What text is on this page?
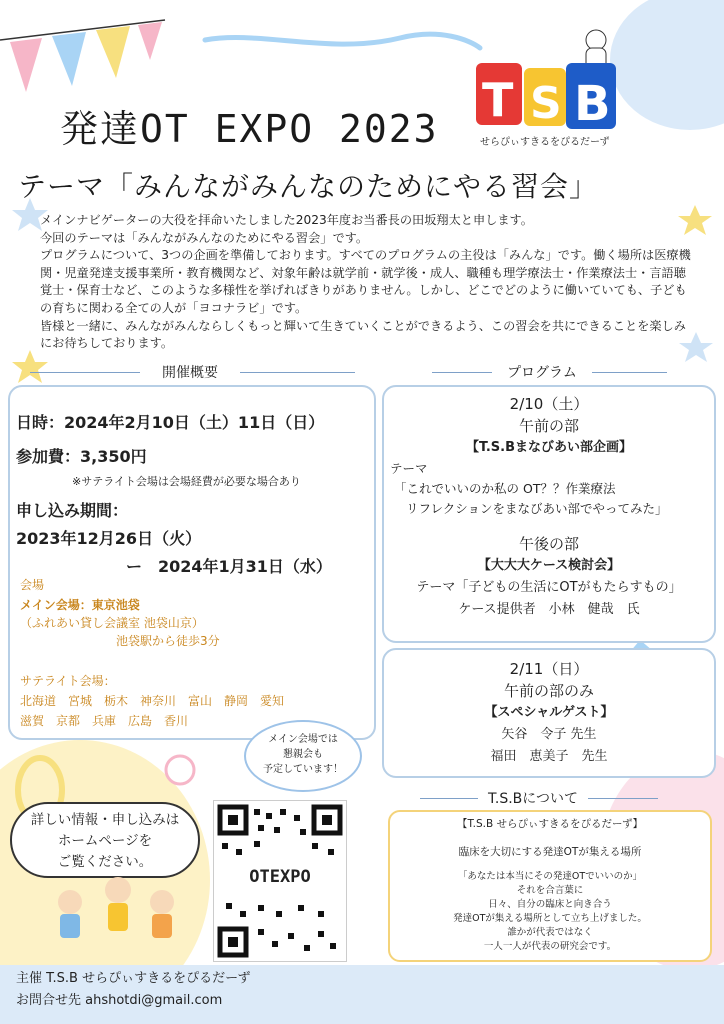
T S B
せらぴぃすきるをぴるだーず
発達OT EXPO 2023
テーマ「みんながみんなのためにやる習会」

メインナビゲーターの大役を拝命いたしました2023年度お当番長の田坂翔太と申します。

今回のテーマは「みんながみんなのためにやる習会」です。

プログラムについて、3つの企画を準備しております。すべてのプログラムの主役は「みんな」です。働く場所は医療機関・児童発達支援事業所・教育機関など、対象年齢は就学前・就学後・成人、職種も理学療法士・作業療法士・言語聴覚士・保育士など、このような多様性を挙げればきりがありません。しかし、どこでどのように働いていても、子どもの育ちに関わる全ての人が「ヨコナラビ」です。

皆様と一緒に、みんながみんならしくもっと輝いて生きていくことができるよう、この習会を共にできることを楽しみにお待ちしております。

開催概要
日時：2024年2月10日（土）11日（日）
参加費：3,350円
※サテライト会場は会場経費が必要な場合あり
申し込み期間：
2023年12月26日（火）
ー　2024年1月31日（水）
会場
メイン会場：東京池袋
（ふれあい貸し会議室 池袋山京）
池袋駅から徒歩3分
サテライト会場：
北海道　宮城　栃木　神奈川　富山　静岡　愛知
滋賀　京都　兵庫　広島　香川
メイン会場では
懇親会も
予定しています！
プログラム
2/10（土）
午前の部
【T.S.Bまなびあい部企画】
テーマ
「これでいいのか私の OT？？作業療法
リフレクションをまなびあい部でやってみた」
午後の部
【大大大ケース検討会】
テーマ「子どもの生活にOTがもたらすもの」
ケース提供者　小林　健哉　氏
2/11（日）
午前の部のみ
【スペシャルゲスト】
矢谷　令子 先生
福田　恵美子　先生
詳しい情報・申し込みは
ホームページを
ご覧ください。
OTEXPO
T.S.Bについて
【T.S.B せらぴぃすきるをぴるだーず】
臨床を大切にする発達OTが集える場所
「あなたは本当にその発達OTでいいのか」
それを合言葉に
日々、自分の臨床と向き合う
発達OTが集える場所として立ち上げました。
誰かが代表ではなく
一人一人が代表の研究会です。
主催 T.S.B せらぴぃすきるをぴるだーず
お問合せ先 ahshotdi@gmail.com
